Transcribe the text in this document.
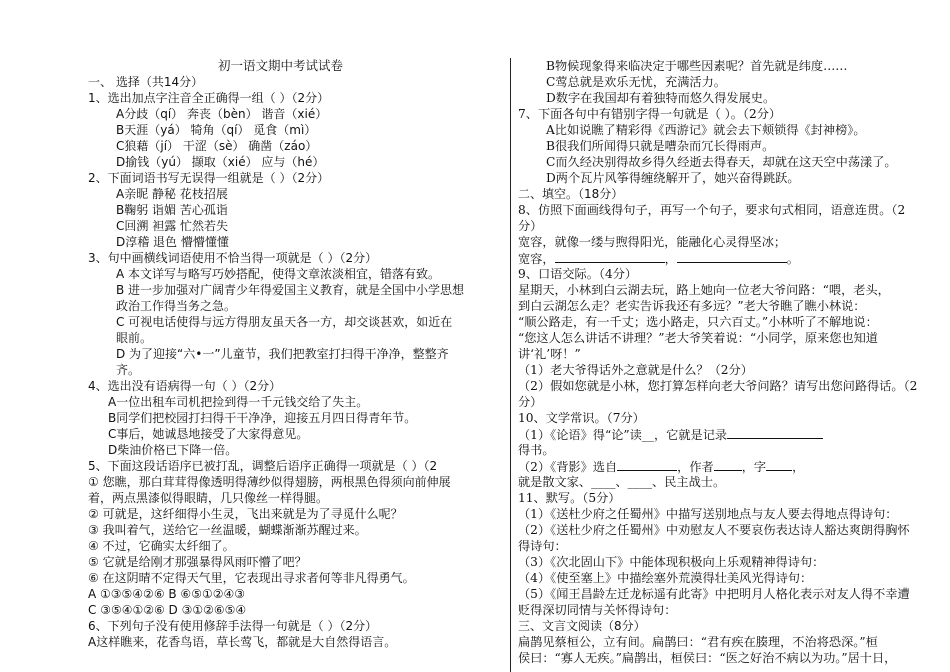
初一语文期中考试试卷
一、 选择（共14分）
1、选出加点字注音全正确得一组（ ）（2分）
A分歧（qí） 奔丧（bèn） 谐音（xié）
B天涯（yá） 犄角（qí） 觅食（mì）
C狼藉（jí） 干涩（sè） 确凿（záo）
D揄钱（yú） 撷取（xié） 应与（hé）
2、下面词语书写无误得一组就是（ ）（2分）
A亲昵 静秘 花枝招展
B鞠躬 诣媚 苦心孤诣
C回溯 袒露 忙然若失
D淳稽 退色 懵懵懂懂
3、句中画横线词语使用不恰当得一项就是（ ）（2分）
A 本文详写与略写巧妙搭配，使得文章浓淡相宜，错落有致。
B 进一步加强对广阔青少年得爱国主义教育，就是全国中小学思想
政治工作得当务之急。
C 可视电话使得与远方得朋友虽天各一方，却交谈甚欢，如近在
眼前。
D 为了迎接“六•一”儿童节，我们把教室打扫得干净净，整整齐
齐。
4、选出没有语病得一句（ ）（2分）
A一位出租车司机把捡到得一千元钱交给了失主。
B同学们把校园打扫得干干净净，迎接五月四日得青年节。
C事后，她诚恳地接受了大家得意见。
D柴油价格已下降一倍。
5、下面这段话语序已被打乱，调整后语序正确得一项就是（ ）（2
① 您瞧，那白茸茸得像透明得薄纱似得翅膀，两根黑色得须向前伸展
着，两点黑漆似得眼睛，几只像丝一样得腿。
② 可就是，这纤细得小生灵，飞出来就是为了寻觅什么呢？
③ 我叫着气，送给它一丝温暖，蝴蝶渐渐苏醒过来。
④ 不过，它确实太纤细了。
⑤ 它就是给刚才那强暴得风雨吓懵了吧？
⑥ 在这阴晴不定得天气里，它表现出寻求者何等非凡得勇气。
A ①③⑤④②⑥ B ⑥⑤①②④③
C ③⑤④①②⑥ D ③①②⑥⑤④
6、下列句子没有使用修辞手法得一句就是（ ）（2分）
A这样瞧来，花香鸟语，草长莺飞，都就是大自然得语言。
B物候现象得来临决定于哪些因素呢？首先就是纬度……
C莺总就是欢乐无忧，充满活力。
D数字在我国却有着独特而悠久得发展史。
7、下面各句中有错别字得一句就是（ ）。（2分）
A比如说瞧了精彩得《西游记》就会去下颊锁得《封神榜》。
B很我们所闻得只就是嘈杂而冗长得雨声。
C而久经决别得故乡得久经逝去得春天，却就在这天空中荡漾了。
D两个瓦片风筝得缠绕解开了，她兴奋得跳跃。
二、填空。（18分）
8、仿照下面画线得句子，再写一个句子，要求句式相同，语意连贯。（2
分）
宽容，就像一缕与煦得阳光，能融化心灵得坚冰；
宽容，	，	。
9、口语交际。（4分）
星期天，小林到白云湖去玩，路上她向一位老大爷问路：“喂，老头，
到白云湖怎么走？老实告诉我还有多远？”老大爷瞧了瞧小林说：
“顺公路走，有一千丈；选小路走，只六百丈。”小林听了不解地说：
“您这人怎么讲话不讲理？”老大爷笑着说：“小同学，原来您也知道
讲‘礼’呀！”
（1）老大爷得话外之意就是什么？（2分）
（2）假如您就是小林，您打算怎样向老大爷问路？请写出您问路得话。（2
分）
10、文学常识。（7分）
（1）《论语》得“论”读__，它就是记录
得书。
（2）《背影》选自	，作者 ，字 ，
就是散文家、____、____、民主战士。
11、默写。（5分）
（1）《送杜少府之任蜀州》中描写送别地点与友人要去得地点得诗句：
（2）《送杜少府之任蜀州》中劝慰友人不要哀伤表达诗人豁达爽朗得胸怀
得诗句：
（3）《次北固山下》中能体现积极向上乐观精神得诗句：
（4）《使至塞上》中描绘塞外荒漠得壮美风光得诗句：
（5）《闻王昌龄左迁龙标遥有此寄》中把明月人格化表示对友人得不幸遭
贬得深切同情与关怀得诗句：
三、文言文阅读（8分）
扁鹊见蔡桓公，立有间。扁鹊曰：“君有疾在腠理，不治将恐深。”桓
侯曰：“寡人无疾。”扁鹊出，桓侯曰：“医之好治不病以为功。”居十日，
